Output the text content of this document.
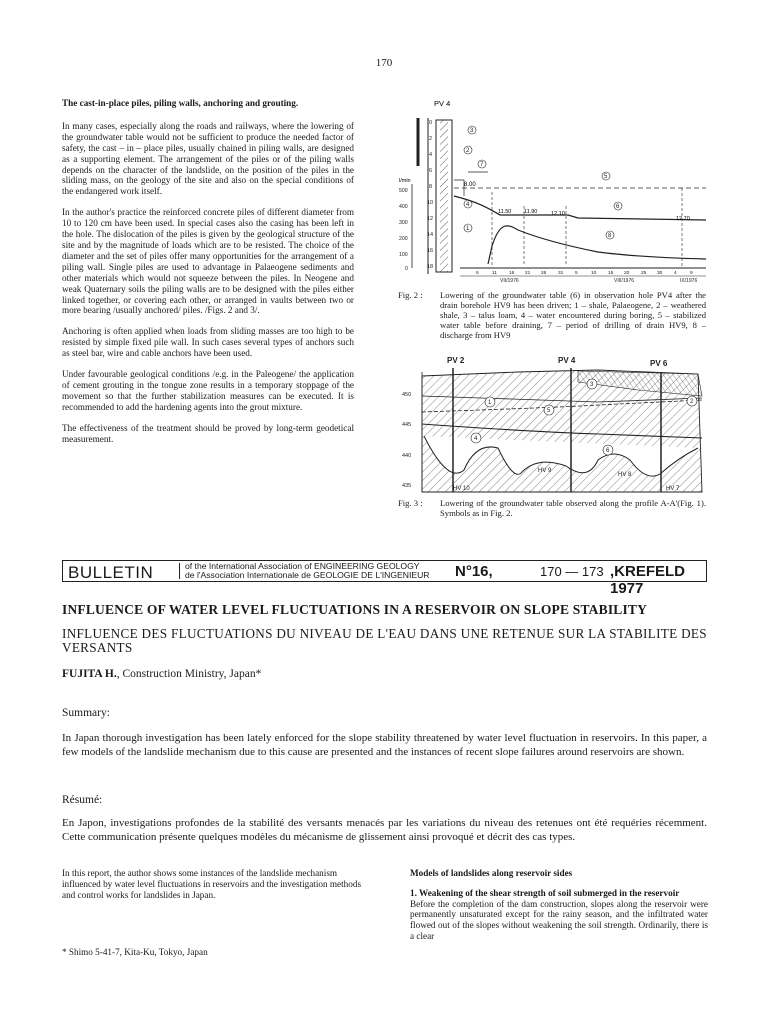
170

The cast-in-place piles, piling walls, anchoring and grouting.

In many cases, especially along the roads and railways, where the lowering of the groundwater table would not be sufficient to produce the needed factor of safety, the cast – in – place piles, usually chained in piling walls, are designed as a supporting element. The arrangement of the piles or of the piling walls depends on the character of the landslide, on the position of the piles in the sliding mass, on the geology of the site and also on the special conditions of the endangered work itself.

In the author's practice the reinforced concrete piles of different diameter from 10 to 120 cm have been used. In special cases also the casing has been left in the hole. The dislocation of the piles is given by the geological structure of the site and by the magnitude of loads which are to be resisted. The choice of the diameter and the set of piles offer many opportunities for the arrangement of a piling wall. Single piles are used to advantage in Palaeogene sediments and other materials which would not squeeze between the piles. In Neogene and weak Quaternary soils the piling walls are to be designed with the piles either linked together, or covering each other, or arranged in vaults between two or more bearing /usually anchored/ piles. /Figs. 2 and 3/.

Anchoring is often applied when loads from sliding masses are too high to be resisted by simple fixed pile wall. In such cases several types of anchors such as steel bar, wire and cable anchors have been used.

Under favourable geological conditions /e.g. in the Paleogene/ the application of cement grouting in the tongue zone results in a temporary stoppage of the movement so that the further stabilization measures can be executed. It is recommended to add the hardening agents into the grout mixture.

The effectiveness of the treatment should be proved by long-term geodetical measurement.

PV 4
0
2
4
6
8
10
12
14
16
18
l/min
500
400
300
200
100
0
8.00
11.50 11.90 12.10
12.70
3
2
7
5
6
4
1
8
6	11	16 21 26 31 5	10 15 20 25 30 4	9
VII/1976	VIII/1976	IX/1976
Fig. 2 : Lowering of the groundwater table (6) in observation hole PV4 after the drain borehole HV9 has been driven; 1 – shale, Palaeogene, 2 – weathered shale, 3 – talus loam, 4 – water encountered during boring, 5 – stabilized water table before draining, 7 – period of drilling of drain HV9, 8 – discharge from HV9
PV 2	PV 4	PV 6
450
445
440
435	HV 10
HV 9
HV 8
HV 7
1	2
3
4
5
6
Fig. 3 : Lowering of the groundwater table observed along the profile A-A'(Fig. 1). Symbols as in Fig. 2.
BULLETIN	of the International Association of ENGINEERING GEOLOGY
de l'Association Internationale de GEOLOGIE DE L'INGENIEUR N°16,	170 — 173 ,KREFELD 1977
INFLUENCE OF WATER LEVEL FLUCTUATIONS IN A RESERVOIR ON SLOPE STABILITY
INFLUENCE DES FLUCTUATIONS DU NIVEAU DE L'EAU DANS UNE RETENUE SUR LA STABILITE DES VERSANTS
FUJITA H., Construction Ministry, Japan*
Summary:
In Japan thorough investigation has been lately enforced for the slope stability threatened by water level fluctuation in reservoirs. In this paper, a few models of the landslide mechanism due to this cause are presented and the instances of recent slope failures around reservoirs are shown.
Résumé:
En Japon, investigations profondes de la stabilité des versants menacés par les variations du niveau des retenues ont été requéries récemment. Cette communication présente quelques modèles du mécanisme de glissement ainsi provoqué et décrit des cas types.
In this report, the author shows some instances of the landslide mechanism influenced by water level fluctuations in reservoirs and the investigation methods and control works for landslides in Japan.
* Shimo 5-41-7, Kita-Ku, Tokyo, Japan
Models of landslides along reservoir sides
1. Weakening of the shear strength of soil submerged in the reservoir
Before the completion of the dam construction, slopes along the reservoir were permanently unsaturated except for the rainy season, and the infiltrated water flowed out of the slopes without weakening the soil strength. Ordinarily, there is a clear
